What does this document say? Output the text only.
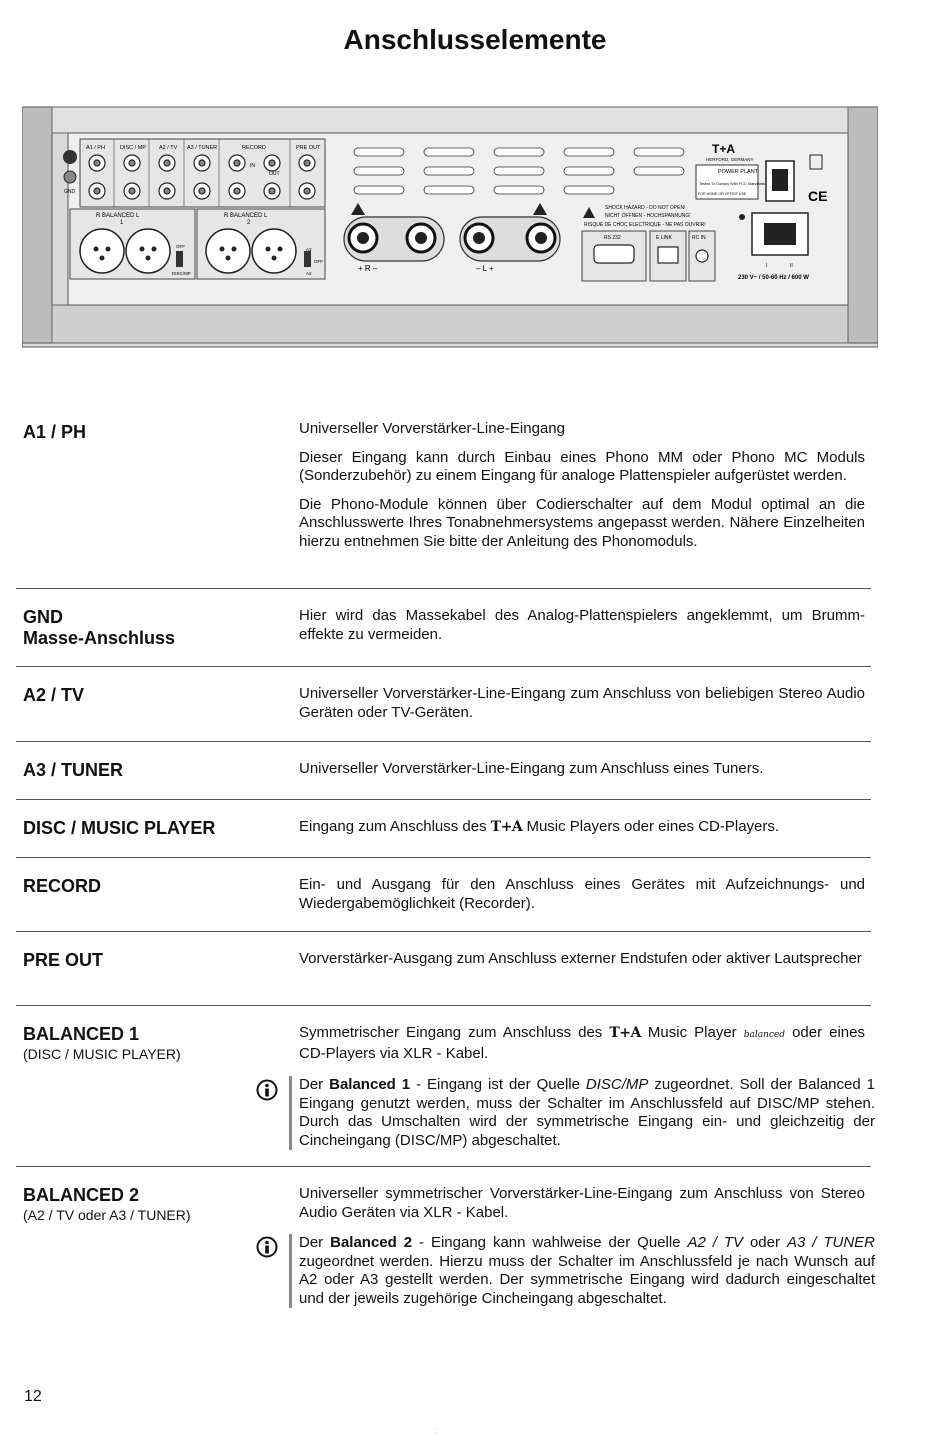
Anschlusselemente
A1 / PH	DISC / MP A2 / TV A3 / TUNER	RECORD	PRE OUT
IN
OUT
GND
R BALANCED L
1
OFF
DISC/MP
R BALANCED L
2
A3
OFF
A2
+ R –	– L +
T+A
HERFORD, GERMANY
POWER PLANT
Tested To Comply With FCC Standards
FOR HOME OR OFFICE USE
SHOCK HAZARD - DO NOT OPEN!
NICHT ÖFFNEN - HOCHSPANNUNG!
RISQUE DE CHOC ELECTRIQUE - NE PAS OUVRIR!
RS 232	E LINK	RC IN
CE
I	II
230 V~ / 50-60 Hz / 600 W
A1 / PH	Universeller Vorverstärker-Line-Eingang

Dieser Eingang kann durch Einbau eines Phono MM oder Phono MC Moduls (Sonderzubehör) zu einem Eingang für analoge Plattenspieler aufgerüstet werden.

Die Phono-Module können über Codierschalter auf dem Modul optimal an die Anschlusswerte Ihres Tonabnehmersystems angepasst werden. Nähere Einzelheiten hierzu entnehmen Sie bitte der Anleitung des Phonomoduls.

GND
Masse-Anschluss

Hier wird das Massekabel des Analog-Plattenspielers angeklemmt, um Brumm-effekte zu vermeiden.

A2 / TV	Universeller Vorverstärker-Line-Eingang zum Anschluss von beliebigen Stereo Audio Geräten oder TV-Geräten.

A3 / TUNER	Universeller Vorverstärker-Line-Eingang zum Anschluss eines Tuners.

DISC / MUSIC PLAYER	Eingang zum Anschluss des T+A Music Players oder eines CD-Players.

RECORD	Ein- und Ausgang für den Anschluss eines Gerätes mit Aufzeichnungs- und Wiedergabemöglichkeit (Recorder).

PRE OUT	Vorverstärker-Ausgang zum Anschluss externer Endstufen oder aktiver Lautsprecher

BALANCED 1
(DISC / MUSIC PLAYER)

Symmetrischer Eingang zum Anschluss des T+A Music Player balanced oder eines CD-Players via XLR - Kabel.

Der Balanced 1 - Eingang ist der Quelle DISC/MP zugeordnet. Soll der Balanced 1 Eingang genutzt werden, muss der Schalter im Anschlussfeld auf DISC/MP stehen. Durch das Umschalten wird der symmetrische Eingang ein- und gleichzeitig der Cincheingang (DISC/MP) abgeschaltet.
BALANCED 2
(A2 / TV oder A3 / TUNER)

Universeller symmetrischer Vorverstärker-Line-Eingang zum Anschluss von Stereo Audio Geräten via XLR - Kabel.

Der Balanced 2 - Eingang kann wahlweise der Quelle A2 / TV oder A3 / TUNER zugeordnet werden. Hierzu muss der Schalter im Anschlussfeld je nach Wunsch auf A2 oder A3 gestellt werden. Der symmetrische Eingang wird dadurch eingeschaltet und der jeweils zugehörige Cincheingang abgeschaltet.
12
:
